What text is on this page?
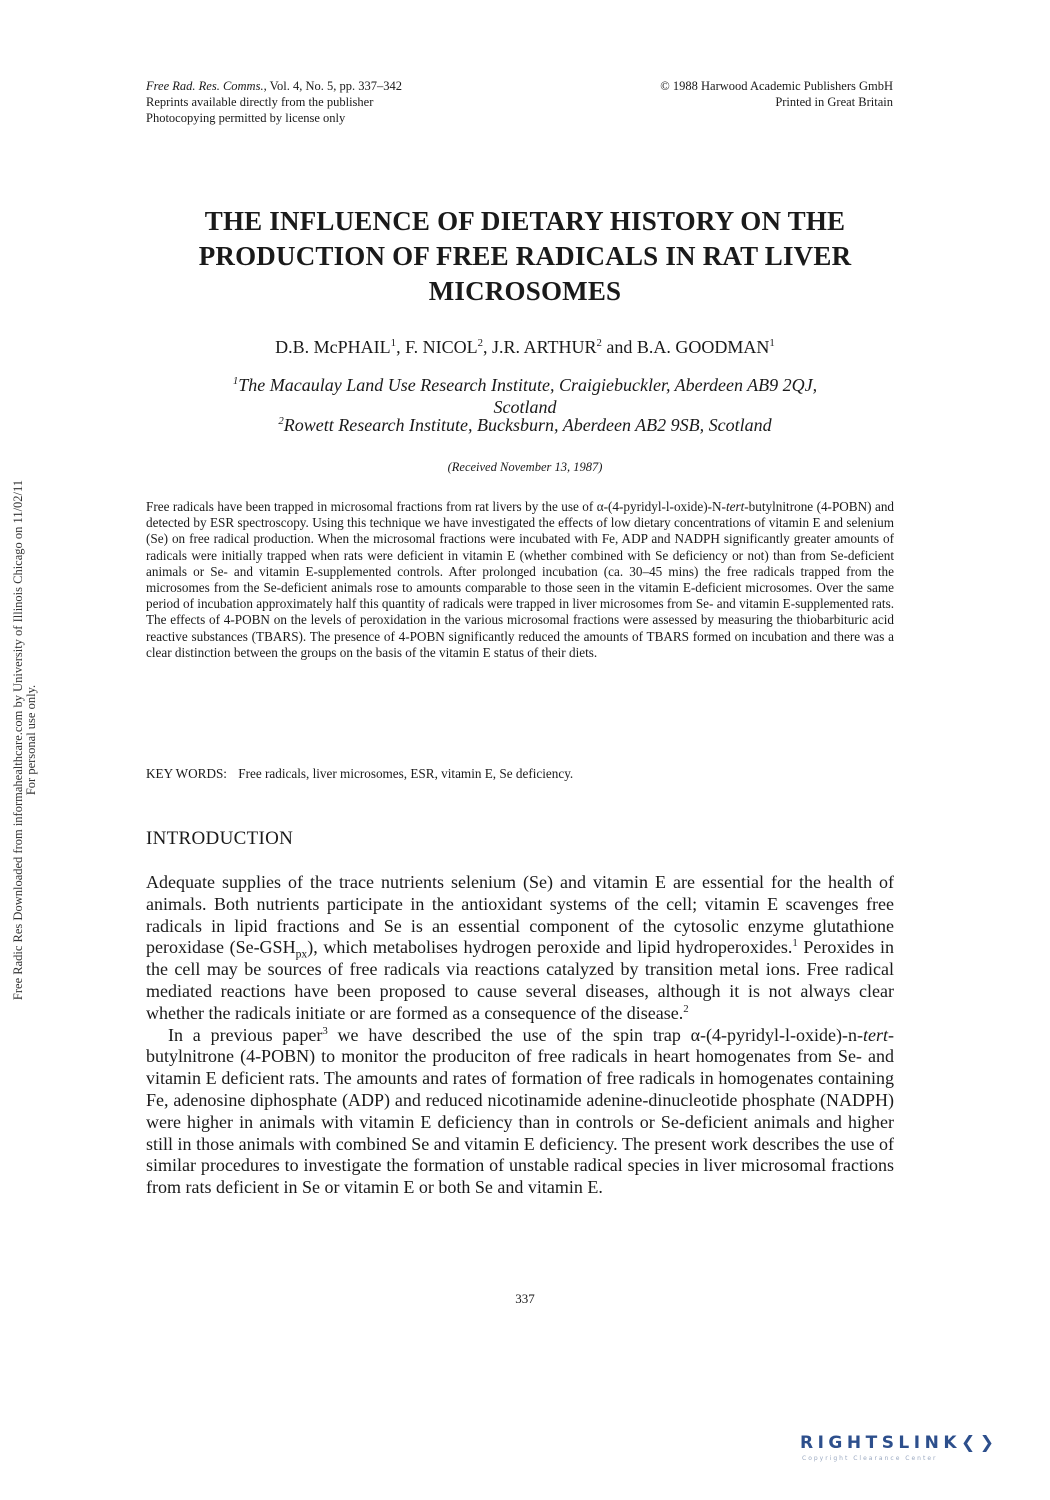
Free Rad. Res. Comms., Vol. 4, No. 5, pp. 337–342
Reprints available directly from the publisher
Photocopying permitted by license only
© 1988 Harwood Academic Publishers GmbH
Printed in Great Britain
THE INFLUENCE OF DIETARY HISTORY ON THE
PRODUCTION OF FREE RADICALS IN RAT LIVER
MICROSOMES
D.B. McPHAIL$^1$, F. NICOL$^2$, J.R. ARTHUR$^2$ and B.A. GOODMAN$^1$
$^1$The Macaulay Land Use Research Institute, Craigiebuckler, Aberdeen AB9 2QJ,
Scotland
$^2$Rowett Research Institute, Bucksburn, Aberdeen AB2 9SB, Scotland
(Received November 13, 1987)
Free radicals have been trapped in microsomal fractions from rat livers by the use of α-(4-pyridyl-l-oxide)-N-tert-butylnitrone (4-POBN) and detected by ESR spectroscopy. Using this technique we have investigated the effects of low dietary concentrations of vitamin E and selenium (Se) on free radical production. When the microsomal fractions were incubated with Fe, ADP and NADPH significantly greater amounts of radicals were initially trapped when rats were deficient in vitamin E (whether combined with Se deficiency or not) than from Se-deficient animals or Se- and vitamin E-supplemented controls. After prolonged incubation (ca. 30–45 mins) the free radicals trapped from the microsomes from the Se-deficient animals rose to amounts comparable to those seen in the vitamin E-deficient microsomes. Over the same period of incubation approximately half this quantity of radicals were trapped in liver microsomes from Se- and vitamin E-supplemented rats. The effects of 4-POBN on the levels of peroxidation in the various microsomal fractions were assessed by measuring the thiobarbituric acid reactive substances (TBARS). The presence of 4-POBN significantly reduced the amounts of TBARS formed on incubation and there was a clear distinction between the groups on the basis of the vitamin E status of their diets.
KEY WORDS: Free radicals, liver microsomes, ESR, vitamin E, Se deficiency.
INTRODUCTION

Adequate supplies of the trace nutrients selenium (Se) and vitamin E are essential for the health of animals. Both nutrients participate in the antioxidant systems of the cell; vitamin E scavenges free radicals in lipid fractions and Se is an essential component of the cytosolic enzyme glutathione peroxidase $(Se-GSH_{px})$, which metabolises hydrogen peroxide and lipid hydroperoxides.$^1$ Peroxides in the cell may be sources of free radicals via reactions catalyzed by transition metal ions. Free radical mediated reactions have been proposed to cause several diseases, although it is not always clear whether the radicals initiate or are formed as a consequence of the disease.$^2$

In a previous paper$^3$ we have described the use of the spin trap α-(4-pyridyl-l-oxide)-n-tert-butylnitrone (4-POBN) to monitor the produciton of free radicals in heart homogenates from Se- and vitamin E deficient rats. The amounts and rates of formation of free radicals in homogenates containing Fe, adenosine diphosphate (ADP) and reduced nicotinamide adenine-dinucleotide phosphate (NADPH) were higher in animals with vitamin E deficiency than in controls or Se-deficient animals and higher still in those animals with combined Se and vitamin E deficiency. The present work describes the use of similar procedures to investigate the formation of unstable radical species in liver microsomal fractions from rats deficient in Se or vitamin E or both Se and vitamin E.

337
Free Radic Res Downloaded from informahealthcare.com by University of Illinois Chicago on 11/02/11 For personal use only.
RIGHTSLINK❮❯
Copyright Clearance Center
